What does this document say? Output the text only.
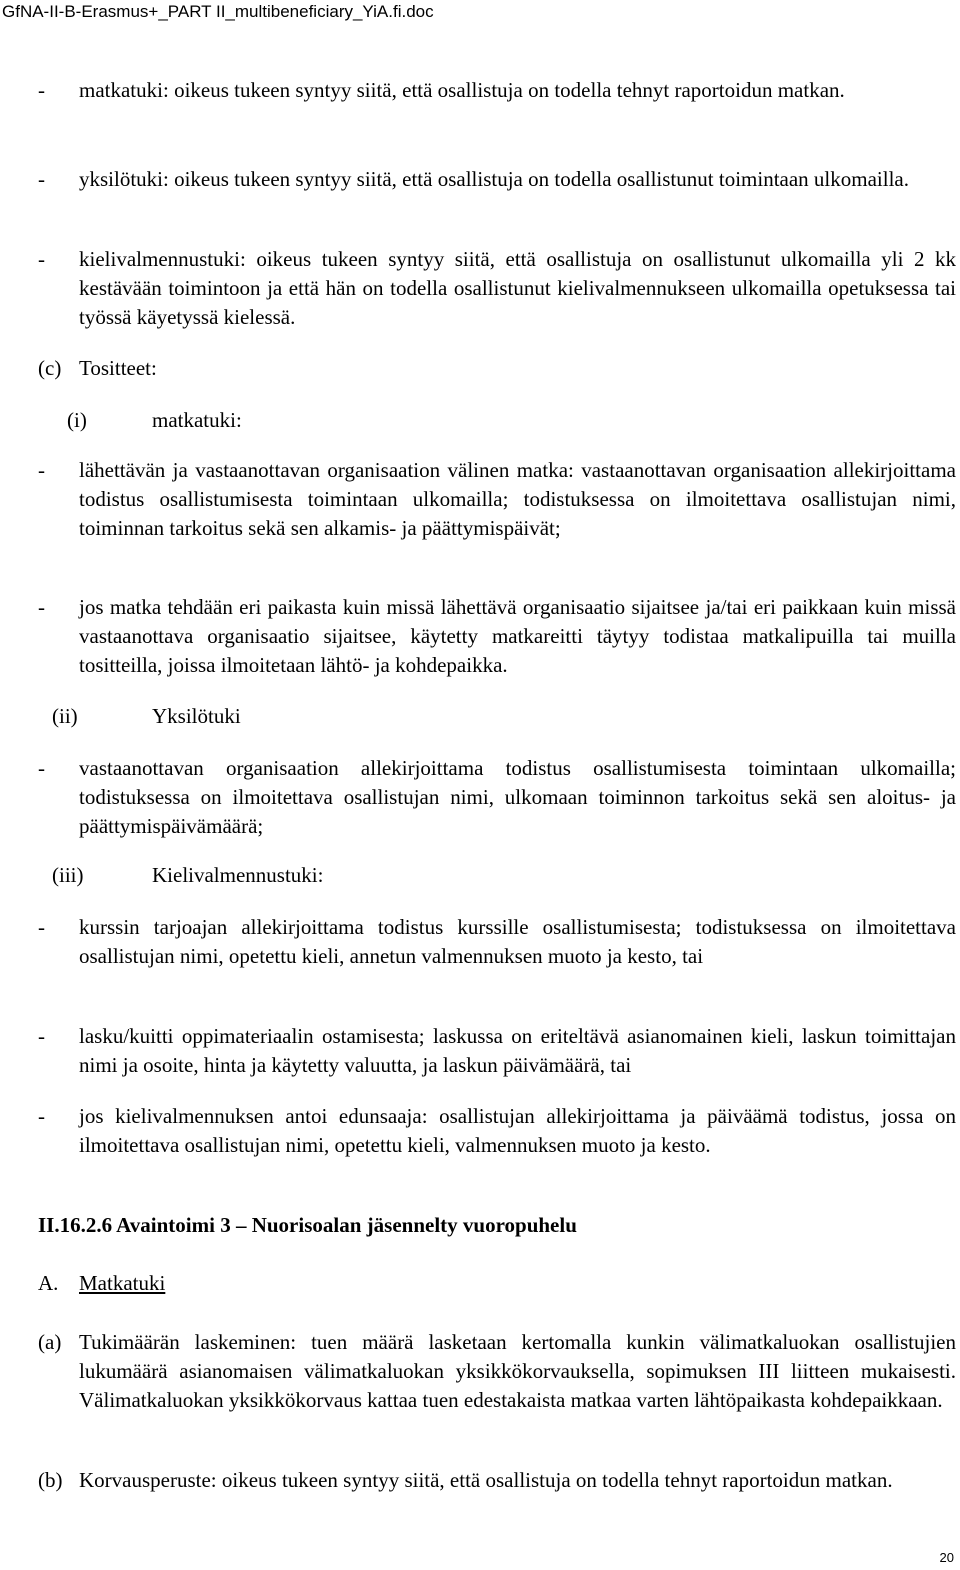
GfNA-II-B-Erasmus+_PART II_multibeneficiary_YiA.fi.doc
- matkatuki: oikeus tukeen syntyy siitä, että osallistuja on todella tehnyt raportoidun matkan.
- yksilötuki: oikeus tukeen syntyy siitä, että osallistuja on todella osallistunut toimintaan ulkomailla.
- kielivalmennustuki: oikeus tukeen syntyy siitä, että osallistuja on osallistunut ulkomailla yli 2 kk kestävään toimintoon ja että hän on todella osallistunut kielivalmennukseen ulkomailla opetuksessa tai työssä käyetyssä kielessä.
(c) Tositteet:
(i)	matkatuki:
- lähettävän ja vastaanottavan organisaation välinen matka: vastaanottavan organisaation allekirjoittama todistus osallistumisesta toimintaan ulkomailla; todistuksessa on ilmoitettava osallistujan nimi, toiminnan tarkoitus sekä sen alkamis- ja päättymispäivät;
- jos matka tehdään eri paikasta kuin missä lähettävä organisaatio sijaitsee ja/tai eri paikkaan kuin missä vastaanottava organisaatio sijaitsee, käytetty matkareitti täytyy todistaa matkalipuilla tai muilla tositteilla, joissa ilmoitetaan lähtö- ja kohdepaikka.
(ii)	Yksilötuki
- vastaanottavan organisaation allekirjoittama todistus osallistumisesta toimintaan ulkomailla; todistuksessa on ilmoitettava osallistujan nimi, ulkomaan toiminnon tarkoitus sekä sen aloitus- ja päättymispäivämäärä;
(iii)	Kielivalmennustuki:
- kurssin tarjoajan allekirjoittama todistus kurssille osallistumisesta; todistuksessa on ilmoitettava osallistujan nimi, opetettu kieli, annetun valmennuksen muoto ja kesto, tai
- lasku/kuitti oppimateriaalin ostamisesta; laskussa on eriteltävä asianomainen kieli, laskun toimittajan nimi ja osoite, hinta ja käytetty valuutta, ja laskun päivämäärä, tai
- jos kielivalmennuksen antoi edunsaaja: osallistujan allekirjoittama ja päiväämä todistus, jossa on ilmoitettava osallistujan nimi, opetettu kieli, valmennuksen muoto ja kesto.
II.16.2.6 Avaintoimi 3 – Nuorisoalan jäsennelty vuoropuhelu
A. Matkatuki
(a) Tukimäärän laskeminen: tuen määrä lasketaan kertomalla kunkin välimatkaluokan osallistujien lukumäärä asianomaisen välimatkaluokan yksikkökorvauksella, sopimuksen III liitteen mukaisesti. Välimatkaluokan yksikkökorvaus kattaa tuen edestakaista matkaa varten lähtöpaikasta kohdepaikkaan.
(b) Korvausperuste: oikeus tukeen syntyy siitä, että osallistuja on todella tehnyt raportoidun matkan.
20
